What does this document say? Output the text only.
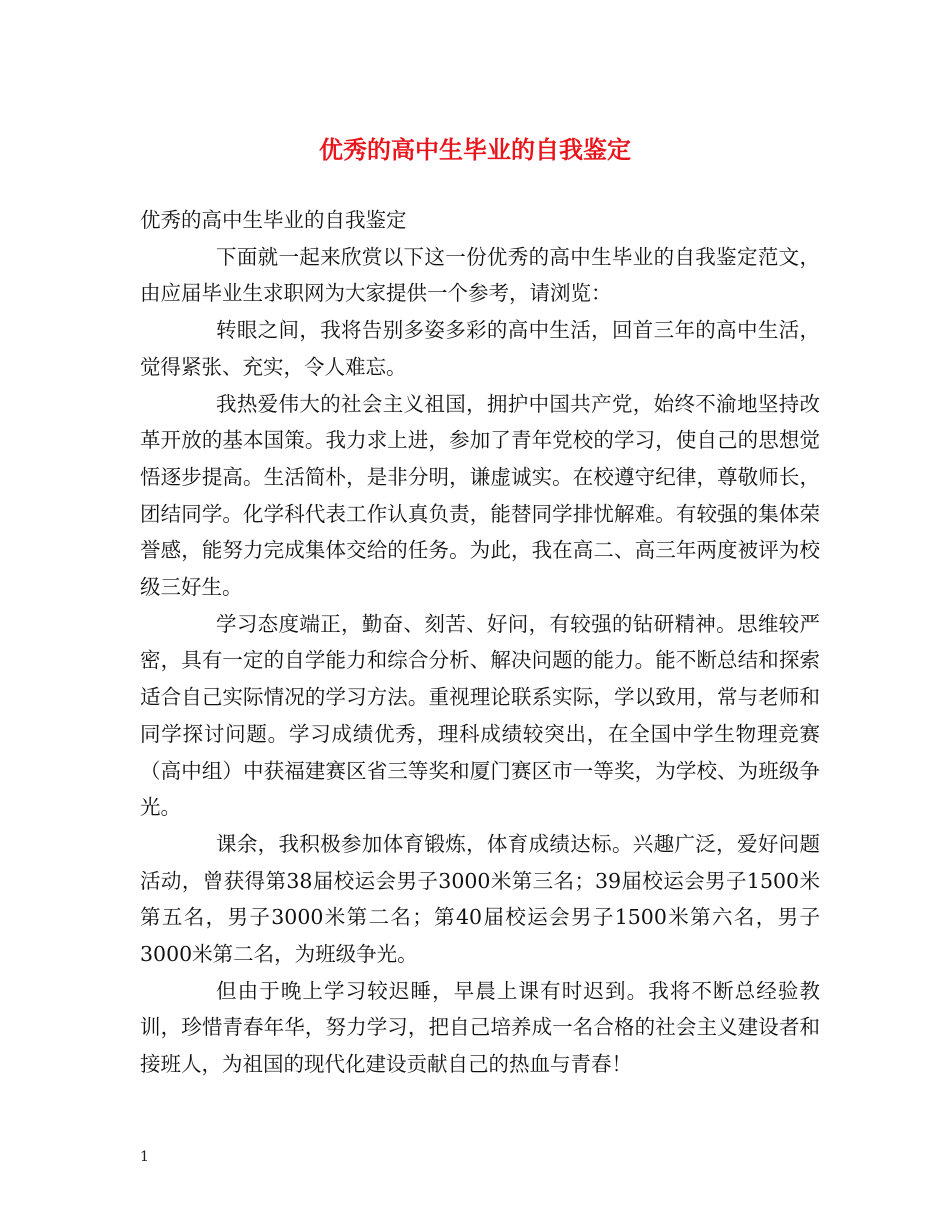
优秀的高中生毕业的自我鉴定

优秀的高中生毕业的自我鉴定

下面就一起来欣赏以下这一份优秀的高中生毕业的自我鉴定范文，由应届毕业生求职网为大家提供一个参考，请浏览：

转眼之间，我将告别多姿多彩的高中生活，回首三年的高中生活，觉得紧张、充实，令人难忘。

我热爱伟大的社会主义祖国，拥护中国共产党，始终不渝地坚持改革开放的基本国策。我力求上进，参加了青年党校的学习，使自己的思想觉悟逐步提高。生活简朴，是非分明，谦虚诚实。在校遵守纪律，尊敬师长，团结同学。化学科代表工作认真负责，能替同学排忧解难。有较强的集体荣誉感，能努力完成集体交给的任务。为此，我在高二、高三年两度被评为校级三好生。

学习态度端正，勤奋、刻苦、好问，有较强的钻研精神。思维较严密，具有一定的自学能力和综合分析、解决问题的能力。能不断总结和探索适合自己实际情况的学习方法。重视理论联系实际，学以致用，常与老师和同学探讨问题。学习成绩优秀，理科成绩较突出，在全国中学生物理竞赛（高中组）中获福建赛区省三等奖和厦门赛区市一等奖，为学校、为班级争光。

课余，我积极参加体育锻炼，体育成绩达标。兴趣广泛，爱好问题活动，曾获得第38届校运会男子3000米第三名；39届校运会男子1500米第五名，男子3000米第二名；第40届校运会男子1500米第六名，男子3000米第二名，为班级争光。

但由于晚上学习较迟睡，早晨上课有时迟到。我将不断总经验教训，珍惜青春年华，努力学习，把自己培养成一名合格的社会主义建设者和接班人，为祖国的现代化建设贡献自己的热血与青春！

1
